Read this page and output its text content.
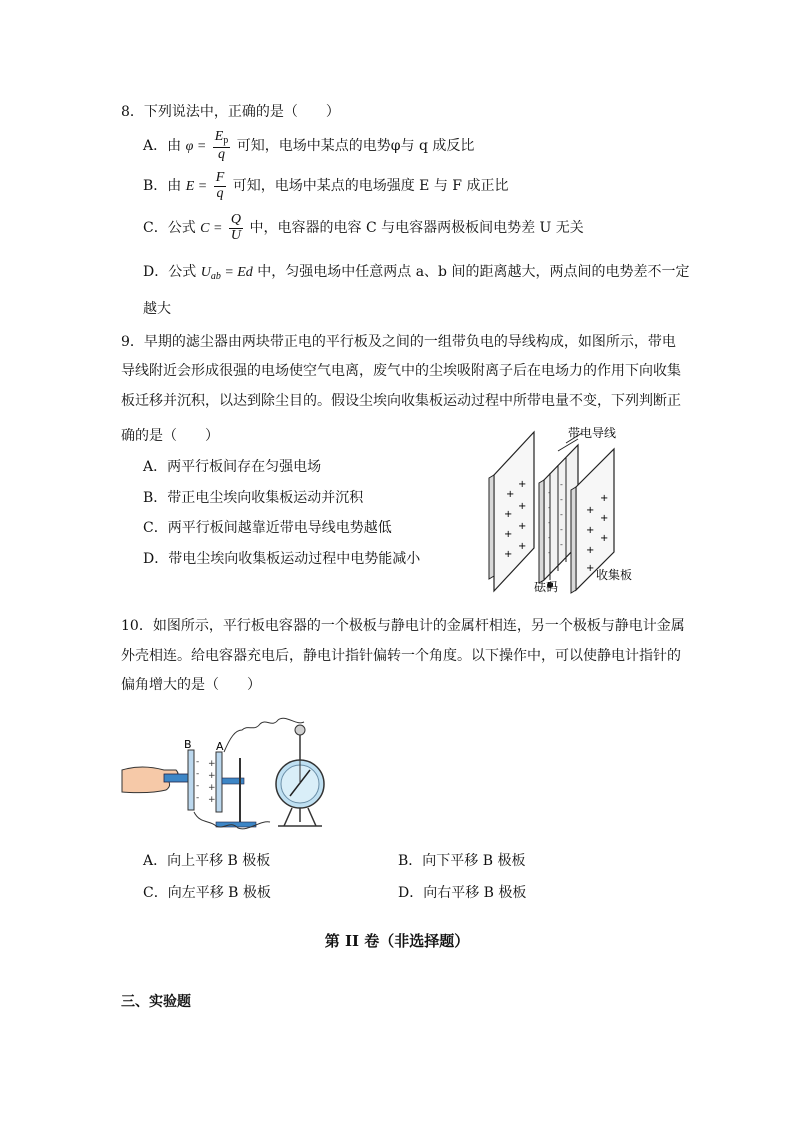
8．下列说法中，正确的是（　　）
A．由 $\varphi = \frac{E_p}{q}$ 可知，电场中某点的电势φ与 q 成反比
B．由 $E = \frac{F}{q}$ 可知，电场中某点的电场强度 E 与 F 成正比
C．公式 $C = \frac{Q}{U}$ 中，电容器的电容 C 与电容器两极板间电势差 U 无关
D．公式 $U_{ab} = Ed$ 中，匀强电场中任意两点 a、b 间的距离越大，两点间的电势差不一定
越大
9．早期的滤尘器由两块带正电的平行板及之间的一组带负电的导线构成，如图所示，带电
导线附近会形成很强的电场使空气电离，废气中的尘埃吸附离子后在电场力的作用下向收集
板迁移并沉积，以达到除尘目的。假设尘埃向收集板运动过程中所带电量不变，下列判断正
确的是（　　）
A．两平行板间存在匀强电场
B．带正电尘埃向收集板运动并沉积
C．两平行板间越靠近带电导线电势越低
D．带电尘埃向收集板运动过程中电势能减小
+
+
+
+
+
+
+
+
-
-
-
-
-
-
-
-
-
-
+
+
+
+
+
+
+
带电导线
砝码
收集板
10．如图所示，平行板电容器的一个极板与静电计的金属杆相连，另一个极板与静电计金属
外壳相连。给电容器充电后，静电计指针偏转一个角度。以下操作中，可以使静电计指针的
偏角增大的是（　　）
B
-
-
-
-
A
+
+
+
+
A．向上平移 B 极板	B．向下平移 B 极板
C．向左平移 B 极板	D．向右平移 B 极板
第 II 卷（非选择题）
三、实验题
